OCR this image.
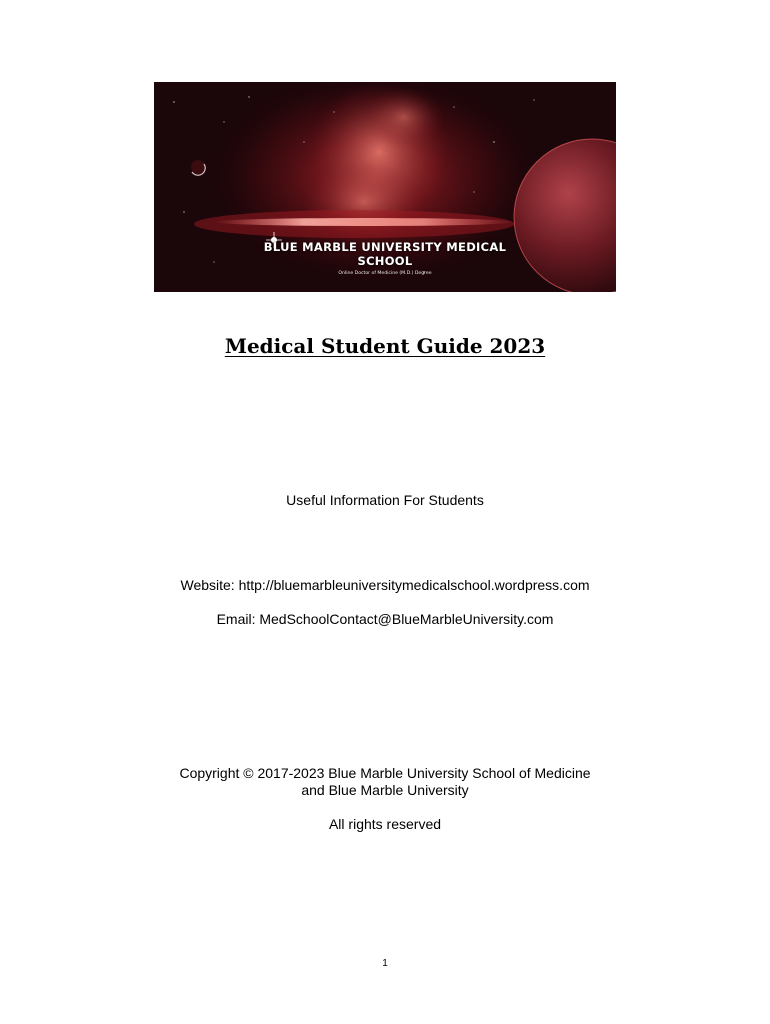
BLUE MARBLE UNIVERSITY MEDICAL
SCHOOL
Online Doctor of Medicine (M.D.) Degree
Medical Student Guide 2023
Useful Information For Students
Website: http://bluemarbleuniversitymedicalschool.wordpress.com
Email: MedSchoolContact@BlueMarbleUniversity.com
Copyright © 2017-2023 Blue Marble University School of Medicine
and Blue Marble University
All rights reserved
1
